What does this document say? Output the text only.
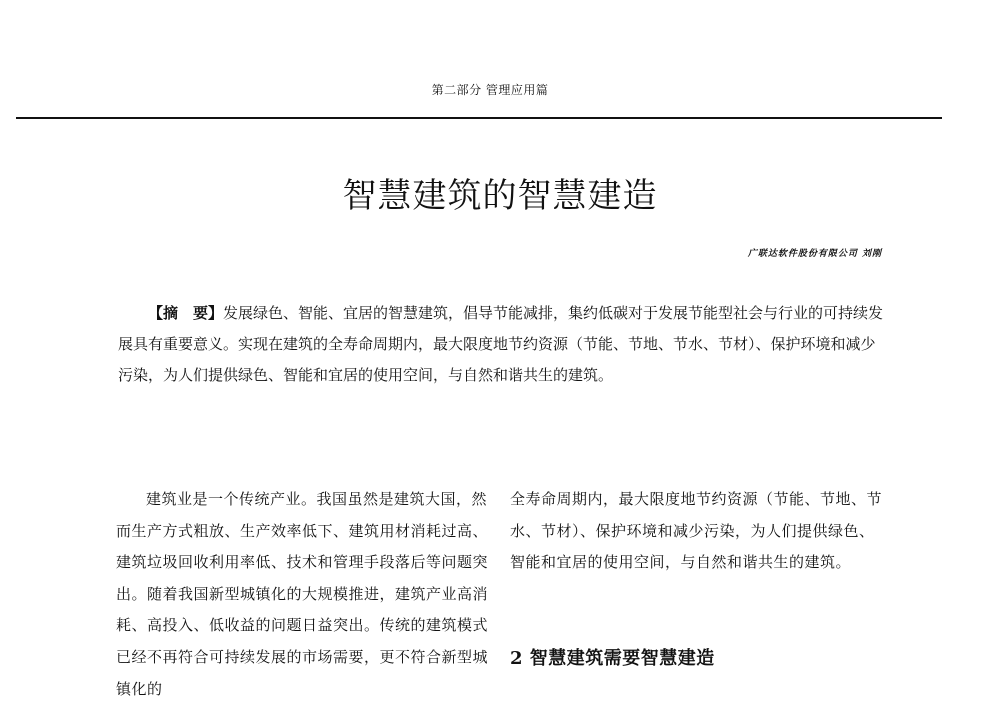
第二部分 管理应用篇
智慧建筑的智慧建造
广联达软件股份有限公司 刘刚

【摘　要】发展绿色、智能、宜居的智慧建筑，倡导节能减排，集约低碳对于发展节能型社会与行业的可持续发展具有重要意义。实现在建筑的全寿命周期内，最大限度地节约资源（节能、节地、节水、节材）、保护环境和减少污染，为人们提供绿色、智能和宜居的使用空间，与自然和谐共生的建筑。

建筑业是一个传统产业。我国虽然是建筑大国，然而生产方式粗放、生产效率低下、建筑用材消耗过高、建筑垃圾回收利用率低、技术和管理手段落后等问题突出。随着我国新型城镇化的大规模推进，建筑产业高消耗、高投入、低收益的问题日益突出。传统的建筑模式已经不再符合可持续发展的市场需要，更不符合新型城镇化的

全寿命周期内，最大限度地节约资源（节能、节地、节水、节材）、保护环境和减少污染，为人们提供绿色、智能和宜居的使用空间，与自然和谐共生的建筑。

2 智慧建筑需要智慧建造
